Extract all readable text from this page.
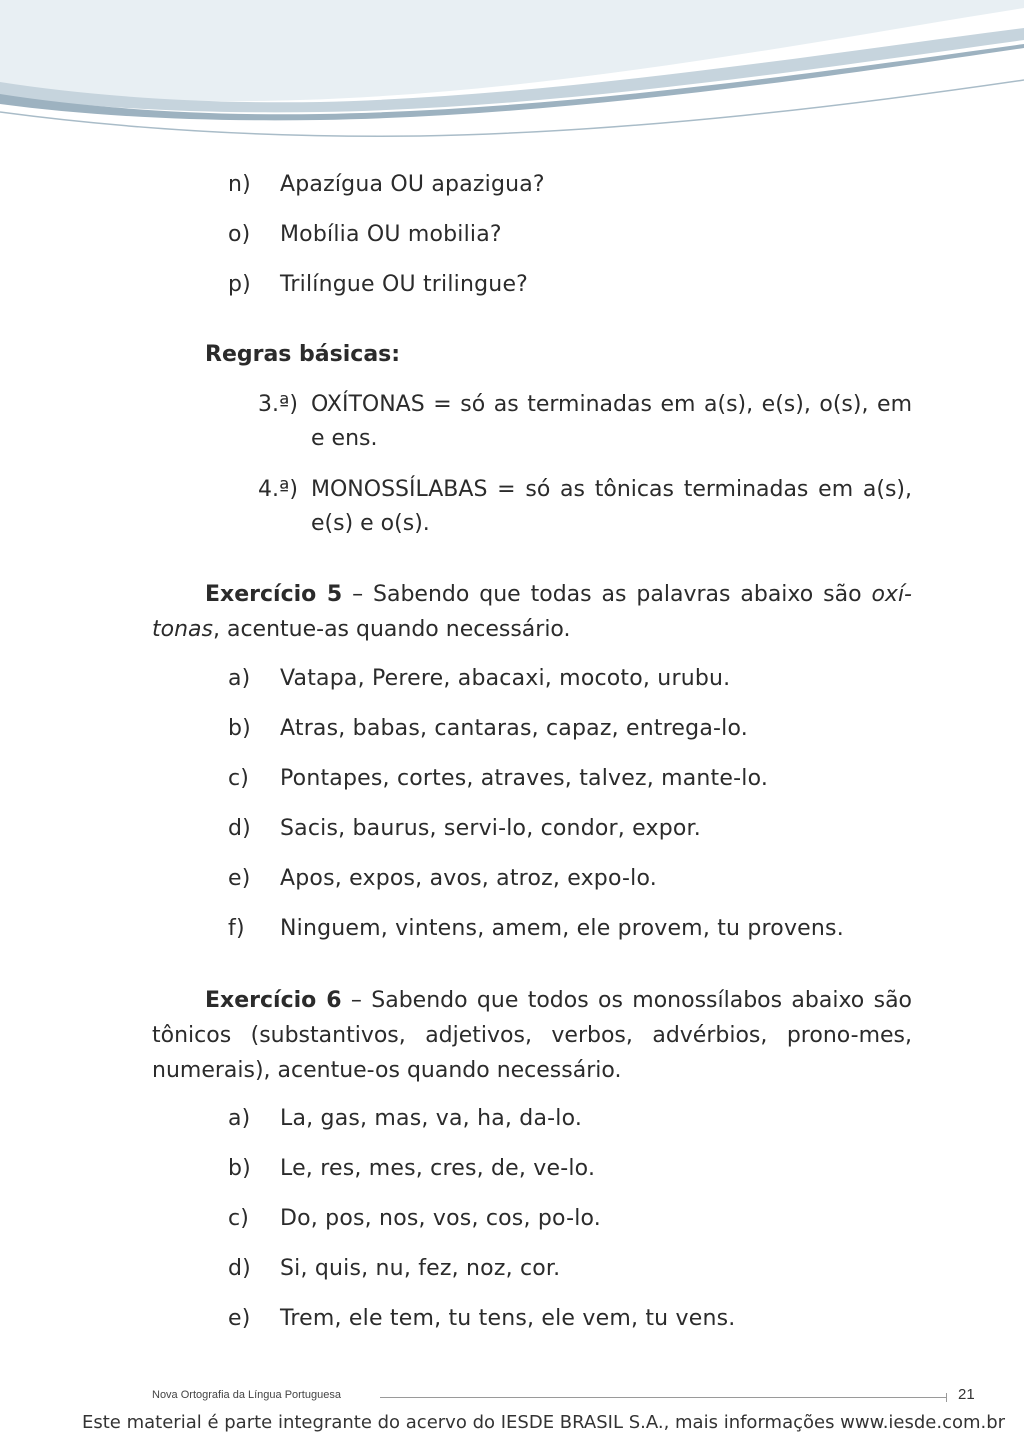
n) Apazígua OU apazigua?
o) Mobília OU mobilia?
p) Trilíngue OU trilingue?
Regras básicas:
3.ª) OXÍTONAS = só as terminadas em a(s), e(s), o(s), em e ens.
4.ª) MONOSSÍLABAS = só as tônicas terminadas em a(s), e(s) e o(s).
Exercício 5 – Sabendo que todas as palavras abaixo são oxí-tonas, acentue-as quando necessário.
a) Vatapa, Perere, abacaxi, mocoto, urubu.
b) Atras, babas, cantaras, capaz, entrega-lo.
c) Pontapes, cortes, atraves, talvez, mante-lo.
d) Sacis, baurus, servi-lo, condor, expor.
e) Apos, expos, avos, atroz, expo-lo.
f) Ninguem, vintens, amem, ele provem, tu provens.
Exercício 6 – Sabendo que todos os monossílabos abaixo são tônicos (substantivos, adjetivos, verbos, advérbios, prono-mes, numerais), acentue-os quando necessário.
a) La, gas, mas, va, ha, da-lo.
b) Le, res, mes, cres, de, ve-lo.
c) Do, pos, nos, vos, cos, po-lo.
d) Si, quis, nu, fez, noz, cor.
e) Trem, ele tem, tu tens, ele vem, tu vens.
Nova Ortografia da Língua Portuguesa	21
Este material é parte integrante do acervo do IESDE BRASIL S.A., mais informações www.iesde.com.br
